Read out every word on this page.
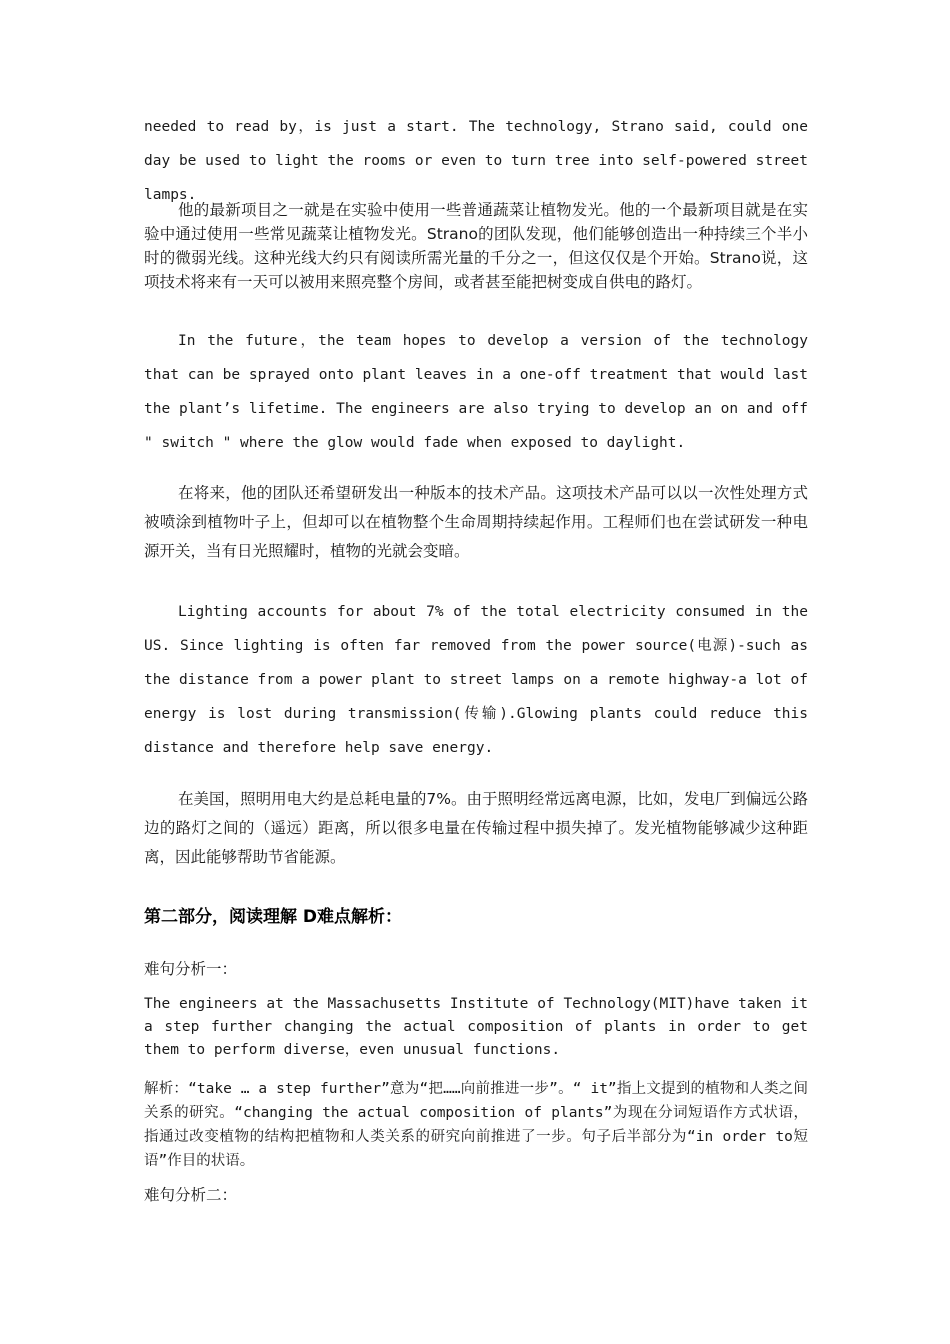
needed to read by，is just a start. The technology, Strano said, could one day be used to light the rooms or even to turn tree into self-powered street lamps.

他的最新项目之一就是在实验中使用一些普通蔬菜让植物发光。他的一个最新项目就是在实验中通过使用一些常见蔬菜让植物发光。Strano的团队发现，他们能够创造出一种持续三个半小时的微弱光线。这种光线大约只有阅读所需光量的千分之一，但这仅仅是个开始。Strano说，这项技术将来有一天可以被用来照亮整个房间，或者甚至能把树变成自供电的路灯。

In the future，the team hopes to develop a version of the technology that can be sprayed onto plant leaves in a one-off treatment that would last the plant’s lifetime. The engineers are also trying to develop an on and off " switch " where the glow would fade when exposed to daylight.

在将来，他的团队还希望研发出一种版本的技术产品。这项技术产品可以以一次性处理方式被喷涂到植物叶子上，但却可以在植物整个生命周期持续起作用。工程师们也在尝试研发一种电源开关，当有日光照耀时，植物的光就会变暗。

Lighting accounts for about 7% of the total electricity consumed in the US. Since lighting is often far removed from the power source(电源)-such as the distance from a power plant to street lamps on a remote highway-a lot of energy is lost during transmission(传输).Glowing plants could reduce this distance and therefore help save energy.

在美国，照明用电大约是总耗电量的7%。由于照明经常远离电源，比如，发电厂到偏远公路边的路灯之间的（遥远）距离，所以很多电量在传输过程中损失掉了。发光植物能够减少这种距离，因此能够帮助节省能源。

第二部分，阅读理解 D难点解析：

难句分析一：

The engineers at the Massachusetts Institute of Technology(MIT)have taken it a step further changing the actual composition of plants in order to get them to perform diverse，even unusual functions.

解析：“take … a step further”意为“把……向前推进一步”。“ it”指上文提到的植物和人类之间关系的研究。“changing the actual composition of plants”为现在分词短语作方式状语，指通过改变植物的结构把植物和人类关系的研究向前推进了一步。句子后半部分为“in order to短语”作目的状语。

难句分析二：
